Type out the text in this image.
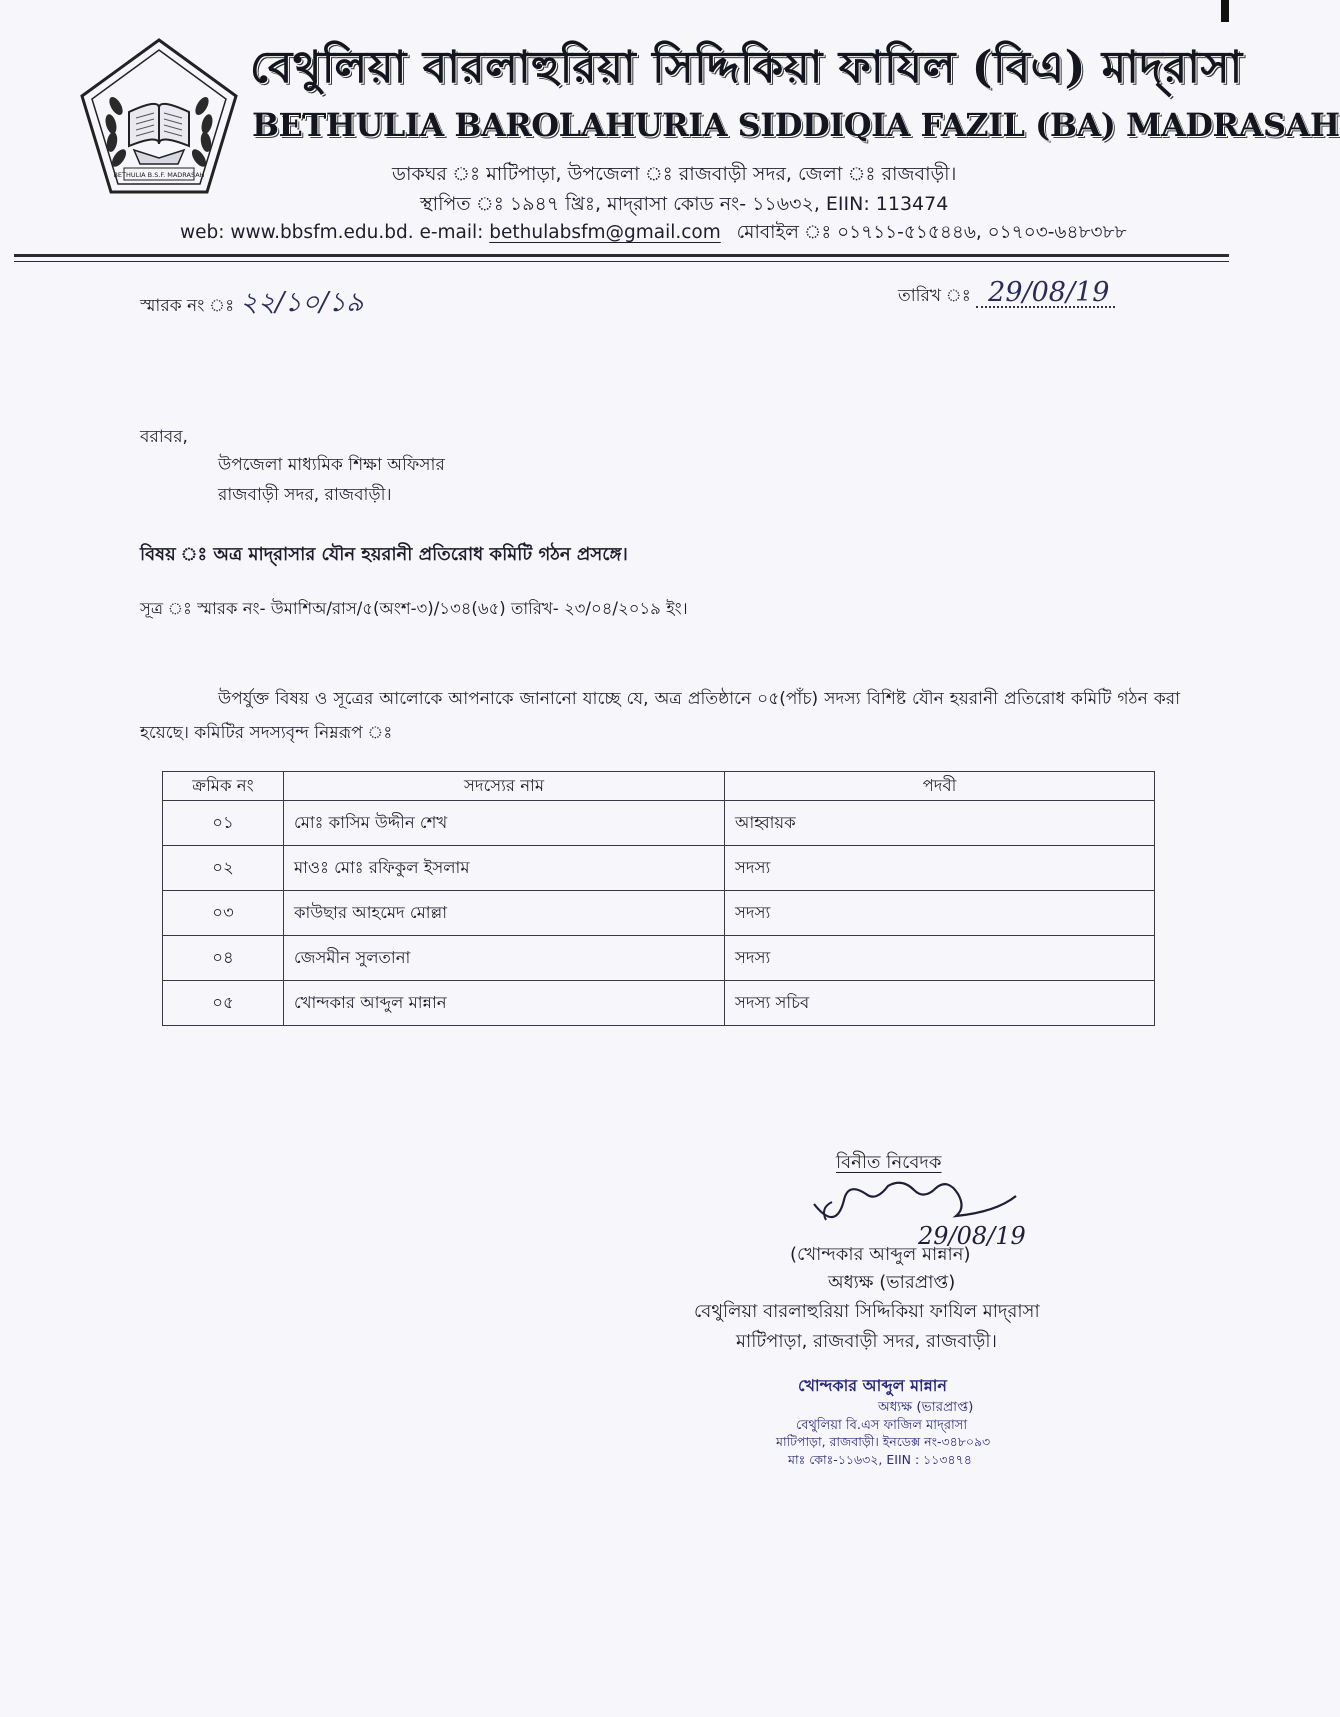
BETHULIA B.S.F. MADRASAH
বেথুলিয়া বারলাহুরিয়া সিদ্দিকিয়া ফাযিল (বিএ) মাদ্‌রাসা
BETHULIA BAROLAHURIA SIDDIQIA FAZIL (BA) MADRASAH
ডাকঘর ঃ মাটিপাড়া, উপজেলা ঃ রাজবাড়ী সদর, জেলা ঃ রাজবাড়ী।
স্থাপিত ঃ ১৯৪৭ খ্রিঃ, মাদ্‌রাসা কোড নং- ১১৬৩২, EIIN: 113474
web: www.bbsfm.edu.bd. e-mail: bethulabsfm@gmail.com মোবাইল ঃ ০১৭১১-৫১৫৪৪৬, ০১৭০৩-৬৪৮৩৮৮
স্মারক নং ঃ ২২/১০/১৯	তারিখ ঃ 29/08/19
বরাবর,
উপজেলা মাধ্যমিক শিক্ষা অফিসার
রাজবাড়ী সদর, রাজবাড়ী।
বিষয় ঃ অত্র মাদ্‌রাসার যৌন হয়রানী প্রতিরোধ কমিটি গঠন প্রসঙ্গে।
সূত্র ঃ স্মারক নং- উমাশিঅ/রাস/৫(অংশ-৩)/১৩৪(৬৫) তারিখ- ২৩/০৪/২০১৯ ইং।
উপর্যুক্ত বিষয় ও সূত্রের আলোকে আপনাকে জানানো যাচ্ছে যে, অত্র প্রতিষ্ঠানে ০৫(পাঁচ) সদস্য বিশিষ্ট যৌন হয়রানী প্রতিরোধ কমিটি গঠন করা হয়েছে। কমিটির সদস্যবৃন্দ নিম্নরূপ ঃ
ক্রমিক নং	সদস্যের নাম	পদবী
০১	মোঃ কাসিম উদ্দীন শেখ	আহ্বায়ক
০২	মাওঃ মোঃ রফিকুল ইসলাম	সদস্য
০৩	কাউছার আহমেদ মোল্লা	সদস্য
০৪	জেসমীন সুলতানা	সদস্য
০৫	খোন্দকার আব্দুল মান্নান	সদস্য সচিব
বিনীত নিবেদক
29/08/19
(খোন্দকার আব্দুল মান্নান)
অধ্যক্ষ (ভারপ্রাপ্ত)
বেথুলিয়া বারলাহুরিয়া সিদ্দিকিয়া ফাযিল মাদ্‌রাসা
মাটিপাড়া, রাজবাড়ী সদর, রাজবাড়ী।
খোন্দকার আব্দুল মান্নান
অধ্যক্ষ (ভারপ্রাপ্ত)
বেথুলিয়া বি.এস ফাজিল মাদ্‌রাসা
মাটিপাড়া, রাজবাড়ী। ইনডেক্স নং-৩৪৮০৯৩
মাঃ কোঃ-১১৬৩২, EIIN : ১১৩৪৭৪
